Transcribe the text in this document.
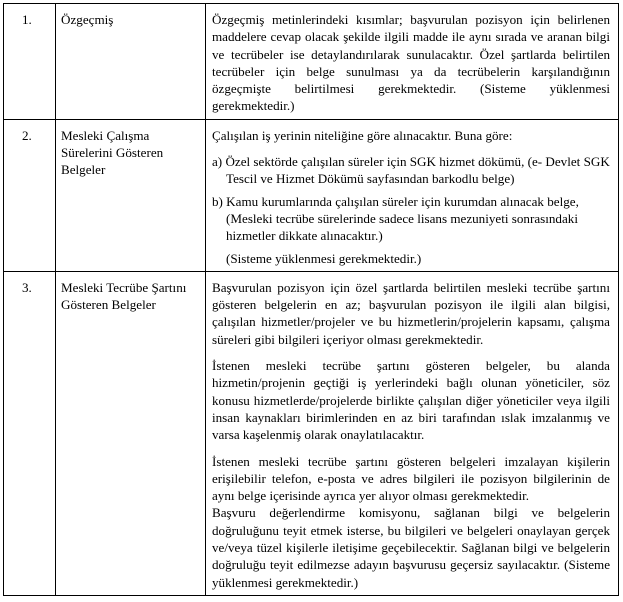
1.	Özgeçmiş	Özgeçmiş metinlerindeki kısımlar; başvurulan pozisyon için belirlenen maddelere cevap olacak şekilde ilgili madde ile aynı sırada ve aranan bilgi ve tecrübeler ise detaylandırılarak sunulacaktır. Özel şartlarda belirtilen tecrübeler için belge sunulması ya da tecrübelerin karşılandığının özgeçmişte belirtilmesi gerekmektedir. (Sisteme yüklenmesi gerekmektedir.)

2.	Mesleki Çalışma Sürelerini Gösteren Belgeler	Çalışılan iş yerinin niteliğine göre alınacaktır. Buna göre:

a) Özel sektörde çalışılan süreler için SGK hizmet dökümü, (e- Devlet SGK Tescil ve Hizmet Dökümü sayfasından barkodlu belge)

b) Kamu kurumlarında çalışılan süreler için kurumdan alınacak belge, (Mesleki tecrübe sürelerinde sadece lisans mezuniyeti sonrasındaki hizmetler dikkate alınacaktır.)

(Sisteme yüklenmesi gerekmektedir.)

3.	Mesleki Tecrübe Şartını Gösteren Belgeler	Başvurulan pozisyon için özel şartlarda belirtilen mesleki tecrübe şartını gösteren belgelerin en az; başvurulan pozisyon ile ilgili alan bilgisi, çalışılan hizmetler/projeler ve bu hizmetlerin/projelerin kapsamı, çalışma süreleri gibi bilgileri içeriyor olması gerekmektedir.

İstenen mesleki tecrübe şartını gösteren belgeler, bu alanda hizmetin/projenin geçtiği iş yerlerindeki bağlı olunan yöneticiler, söz konusu hizmetlerde/projelerde birlikte çalışılan diğer yöneticiler veya ilgili insan kaynakları birimlerinden en az biri tarafından ıslak imzalanmış ve varsa kaşelenmiş olarak onaylatılacaktır.

İstenen mesleki tecrübe şartını gösteren belgeleri imzalayan kişilerin erişilebilir telefon, e-posta ve adres bilgileri ile pozisyon bilgilerinin de aynı belge içerisinde ayrıca yer alıyor olması gerekmektedir.

Başvuru değerlendirme komisyonu, sağlanan bilgi ve belgelerin doğruluğunu teyit etmek isterse, bu bilgileri ve belgeleri onaylayan gerçek ve/veya tüzel kişilerle iletişime geçebilecektir. Sağlanan bilgi ve belgelerin doğruluğu teyit edilmezse adayın başvurusu geçersiz sayılacaktır. (Sisteme yüklenmesi gerekmektedir.)
